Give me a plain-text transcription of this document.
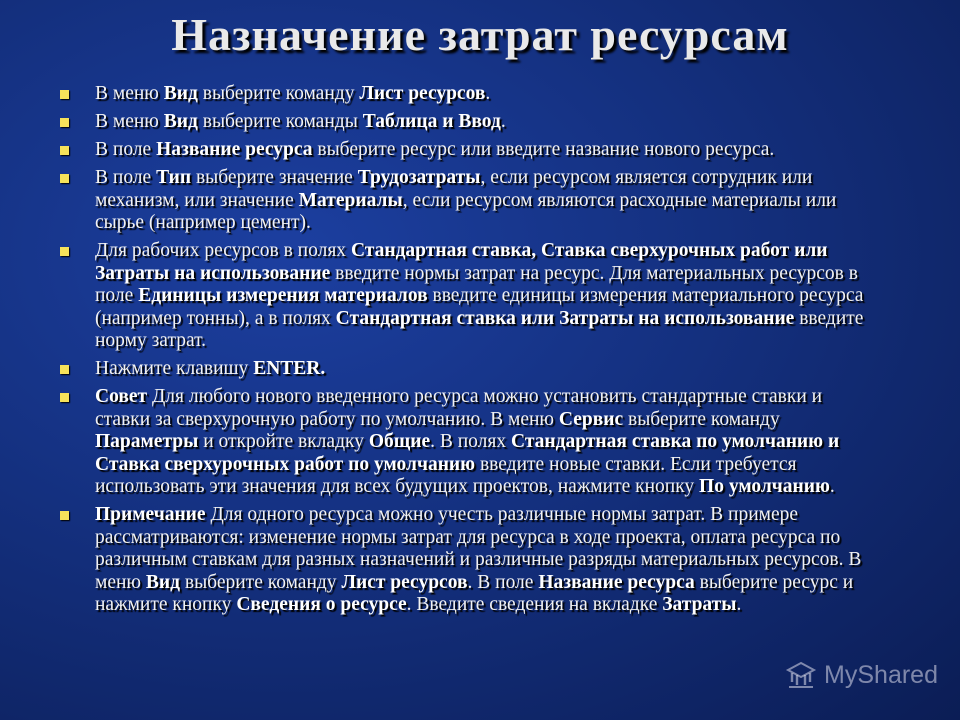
Назначение затрат ресурсам
В меню Вид выберите команду Лист ресурсов.
В меню Вид выберите команды Таблица и Ввод.
В поле Название ресурса выберите ресурс или введите название нового ресурса.
В поле Тип выберите значение Трудозатраты, если ресурсом является сотрудник или механизм, или значение Материалы, если ресурсом являются расходные материалы или сырье (например цемент).
Для рабочих ресурсов в полях Стандартная ставка, Ставка сверхурочных работ или Затраты на использование введите нормы затрат на ресурс. Для материальных ресурсов в поле Единицы измерения материалов введите единицы измерения материального ресурса (например тонны), а в полях Стандартная ставка или Затраты на использование введите норму затрат.
Нажмите клавишу ENTER.
Совет Для любого нового введенного ресурса можно установить стандартные ставки и ставки за сверхурочную работу по умолчанию. В меню Сервис выберите команду Параметры и откройте вкладку Общие. В полях Стандартная ставка по умолчанию и Ставка сверхурочных работ по умолчанию введите новые ставки. Если требуется использовать эти значения для всех будущих проектов, нажмите кнопку По умолчанию.
Примечание Для одного ресурса можно учесть различные нормы затрат. В примере рассматриваются: изменение нормы затрат для ресурса в ходе проекта, оплата ресурса по различным ставкам для разных назначений и различные разряды материальных ресурсов. В меню Вид выберите команду Лист ресурсов. В поле Название ресурса выберите ресурс и нажмите кнопку Сведения о ресурсе. Введите сведения на вкладке Затраты.
MyShared
